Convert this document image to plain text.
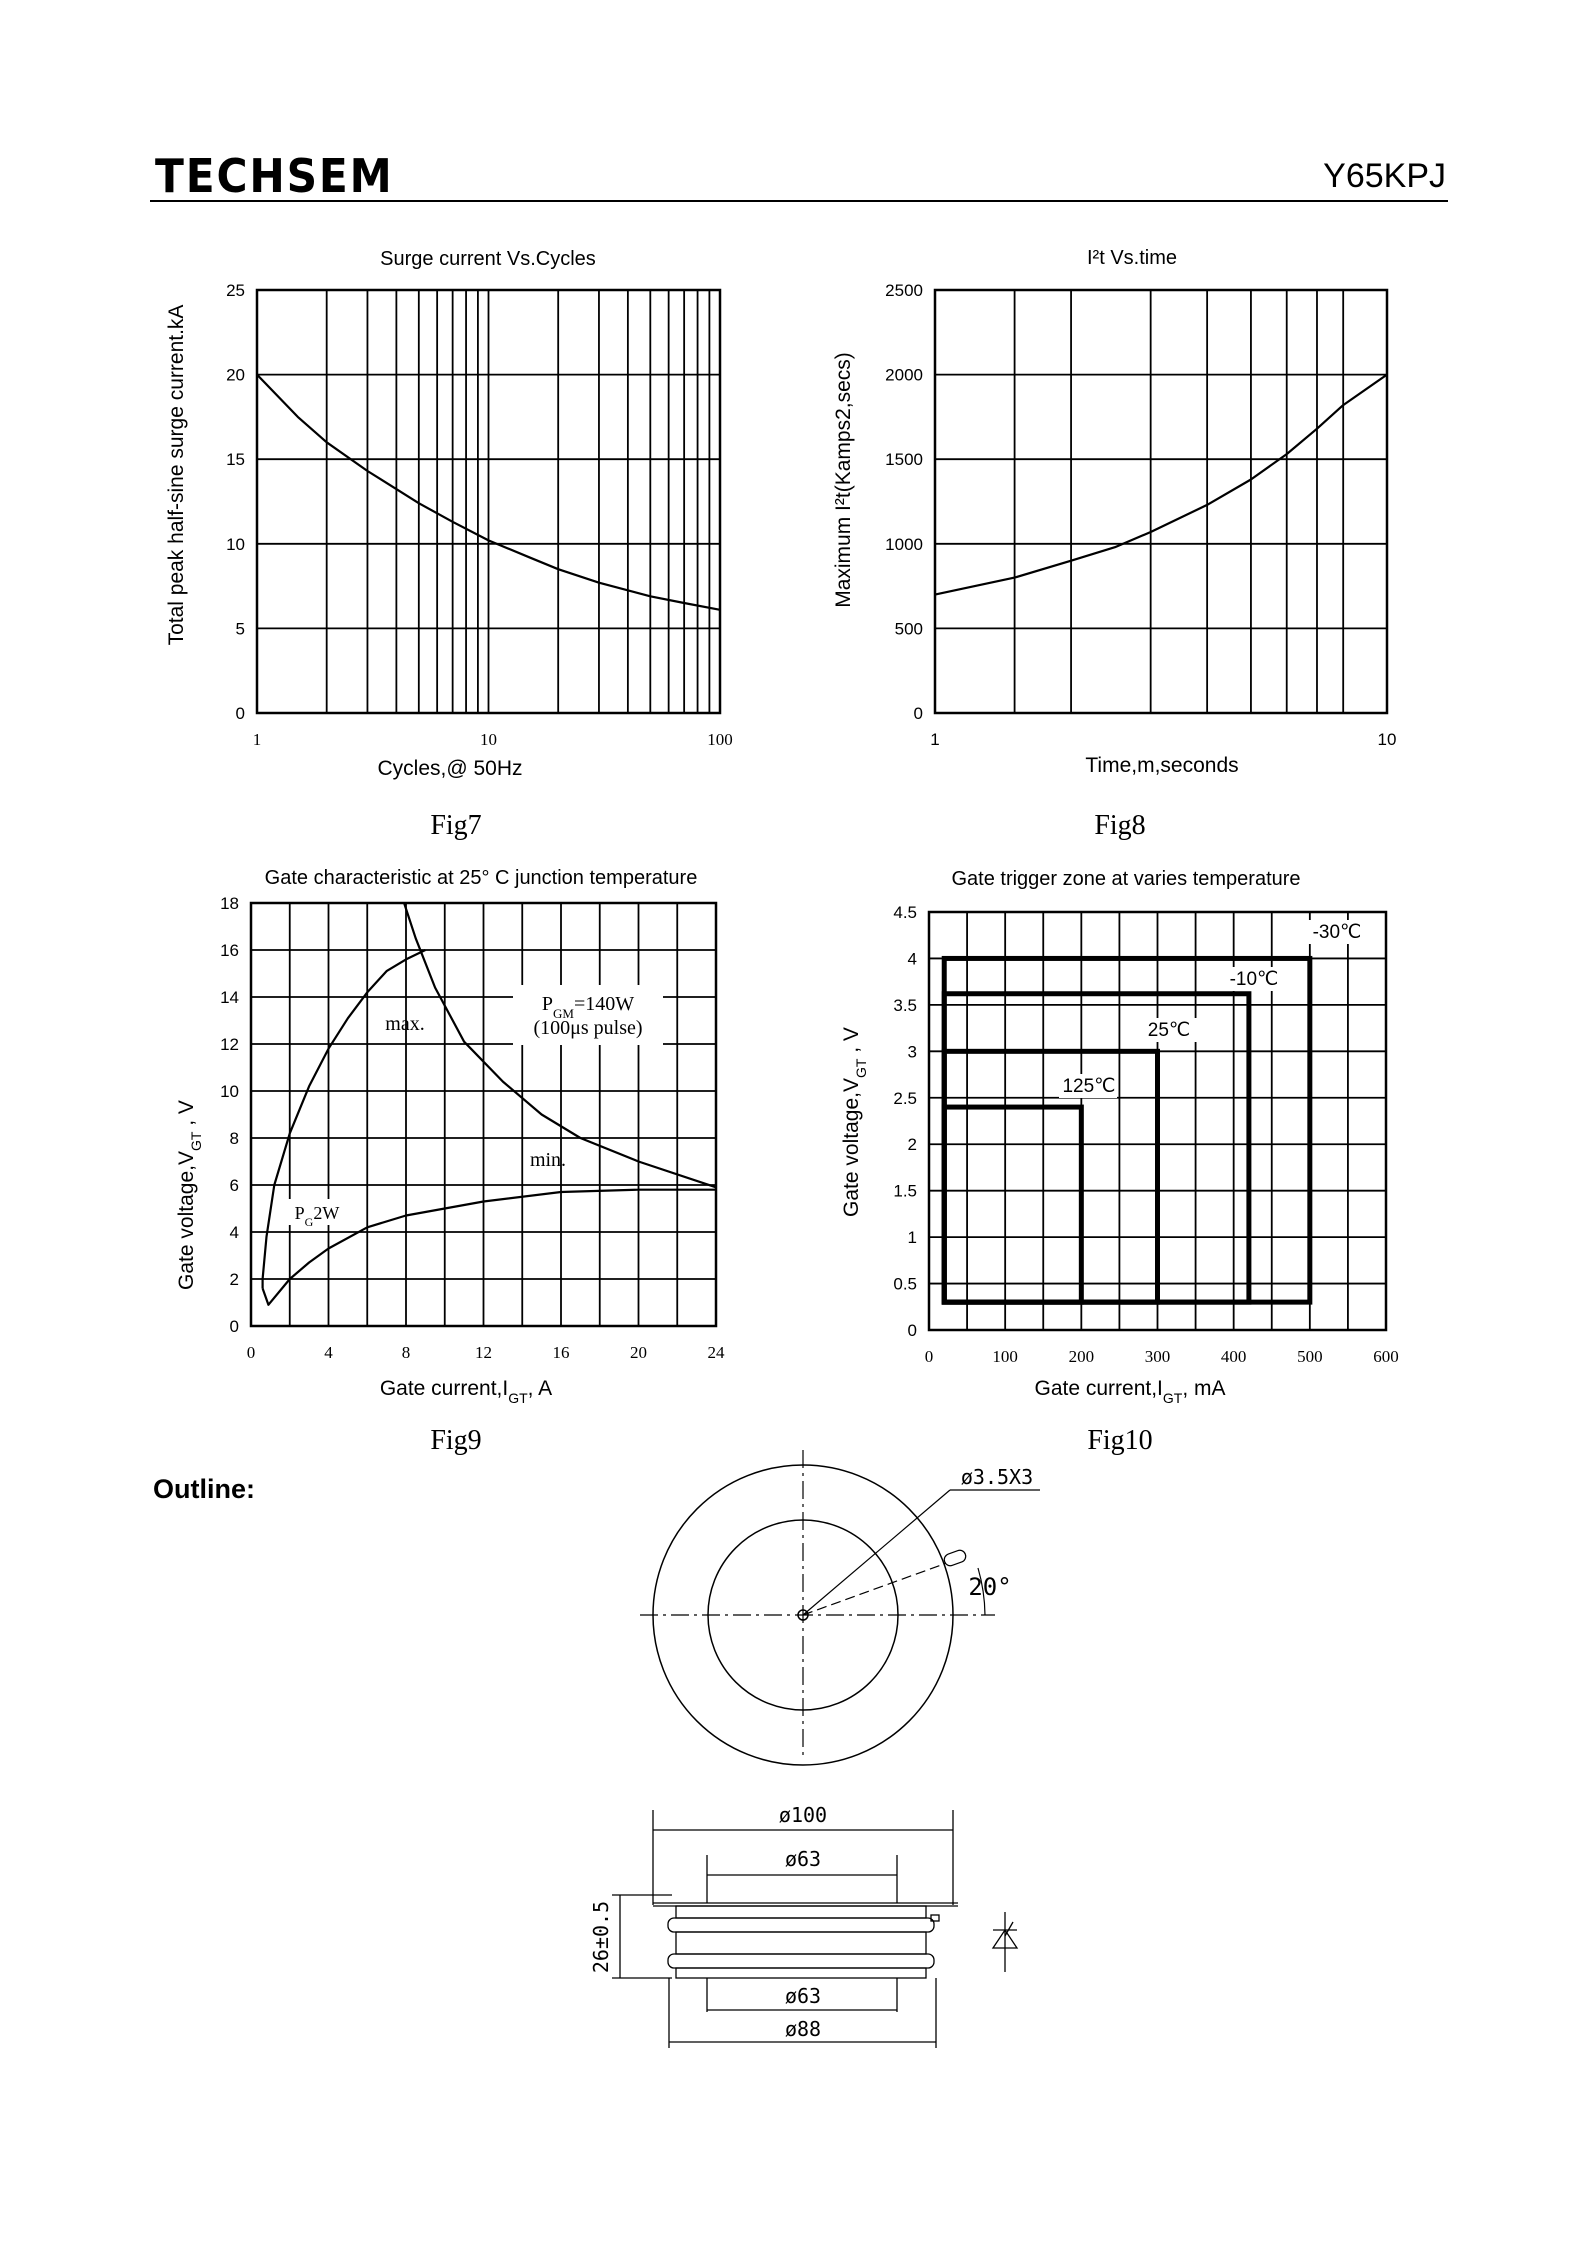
TECHSEM	Y65KPJ
Surge current Vs.Cycles
0
5
10
15
20
25
1	10	100
Cycles,@ 50Hz
Total peak half-sine surge current.kA
Fig7
I²t Vs.time
0
500
1000
1500
2000
2500
1	10
Time,m,seconds
Maximum I²t(Kamps2,secs)
Fig8
Gate characteristic at 25° C junction temperature
0
2
4
6
8
10
12
14
16
18
0	4	8	12	16	20	24
Gate $current,I_{GT}$, A
Gate $voltage,V_{GT}$ , V
Fig9
Gate trigger zone at varies temperature
0
0.5
1
1.5
2
2.5
3
3.5
4
4.5
0	100	200	300	400	500	600
Gate $current,I_{GT}$, mA
Gate $voltage,V_{GT}$ , V
Fig10
max.
min.
$P_{GM}=140W$
(100μs pulse)
$P_G2W$
-30℃
-10℃
25℃
125℃
ø3.5X3
20°
ø100
ø63
26±0.5
ø63
ø88
Outline:
